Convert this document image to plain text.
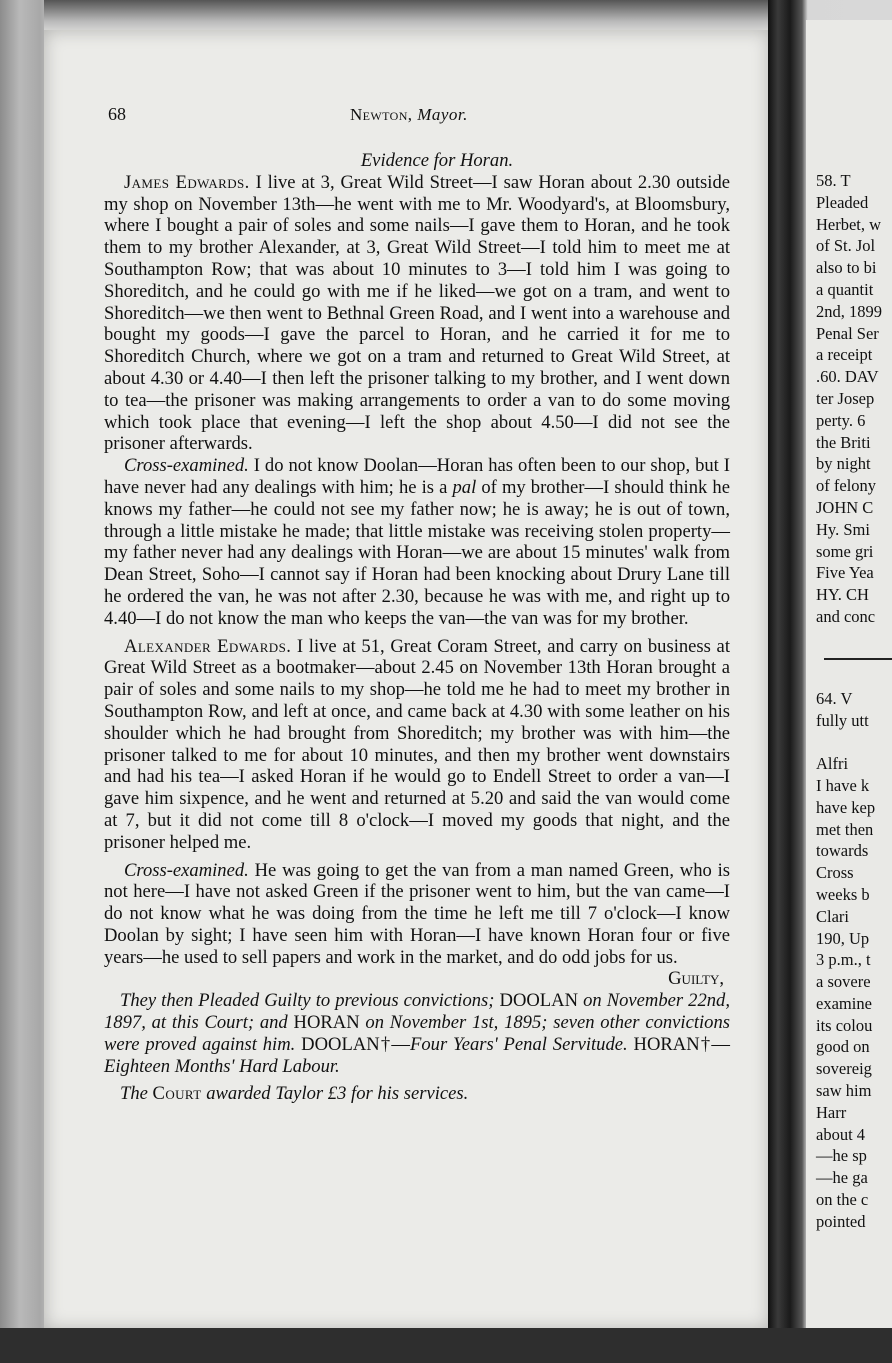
58. T
Pleaded
Herbet, w
of St. Jol
also to bi
a quantit
2nd, 1899
Penal Ser
a receipt
.60. DAV
ter Josep
perty. 6
the Briti
by night
of felony
JOHN C
Hy. Smi
some gri
Five Yea
HY. CH
and conc
64. V
fully utt

Alfri
I have k
have kep
met then
towards
Cross
weeks b
Clari
190, Up
3 p.m., t
a sovere
examine
its colou
good on
sovereig
saw him
Harr
about 4
—he sp
—he ga
on the c
pointed
68	Newton, Mayor.
Evidence for Horan.

James Edwards. I live at 3, Great Wild Street—I saw Horan about 2.30 outside my shop on November 13th—he went with me to Mr. Woodyard's, at Bloomsbury, where I bought a pair of soles and some nails—I gave them to Horan, and he took them to my brother Alexander, at 3, Great Wild Street—I told him to meet me at Southampton Row; that was about 10 minutes to 3—I told him I was going to Shoreditch, and he could go with me if he liked—we got on a tram, and went to Shoreditch—we then went to Bethnal Green Road, and I went into a warehouse and bought my goods—I gave the parcel to Horan, and he carried it for me to Shoreditch Church, where we got on a tram and returned to Great Wild Street, at about 4.30 or 4.40—I then left the prisoner talking to my brother, and I went down to tea—the prisoner was making arrangements to order a van to do some moving which took place that evening—I left the shop about 4.50—I did not see the prisoner afterwards.

Cross-examined. I do not know Doolan—Horan has often been to our shop, but I have never had any dealings with him; he is a pal of my brother—I should think he knows my father—he could not see my father now; he is away; he is out of town, through a little mistake he made; that little mistake was receiving stolen property—my father never had any dealings with Horan—we are about 15 minutes' walk from Dean Street, Soho—I cannot say if Horan had been knocking about Drury Lane till he ordered the van, he was not after 2.30, because he was with me, and right up to 4.40—I do not know the man who keeps the van—the van was for my brother.

Alexander Edwards. I live at 51, Great Coram Street, and carry on business at Great Wild Street as a bootmaker—about 2.45 on November 13th Horan brought a pair of soles and some nails to my shop—he told me he had to meet my brother in Southampton Row, and left at once, and came back at 4.30 with some leather on his shoulder which he had brought from Shoreditch; my brother was with him—the prisoner talked to me for about 10 minutes, and then my brother went downstairs and had his tea—I asked Horan if he would go to Endell Street to order a van—I gave him sixpence, and he went and returned at 5.20 and said the van would come at 7, but it did not come till 8 o'clock—I moved my goods that night, and the prisoner helped me.

Cross-examined. He was going to get the van from a man named Green, who is not here—I have not asked Green if the prisoner went to him, but the van came—I do not know what he was doing from the time he left me till 7 o'clock—I know Doolan by sight; I have seen him with Horan—I have known Horan four or five years—he used to sell papers and work in the market, and do odd jobs for us.

Guilty,

They then Pleaded Guilty to previous convictions; DOOLAN on November 22nd, 1897, at this Court; and HORAN on November 1st, 1895; seven other convictions were proved against him. DOOLAN†—Four Years' Penal Servitude. HORAN†—Eighteen Months' Hard Labour.

The Court awarded Taylor £3 for his services.
